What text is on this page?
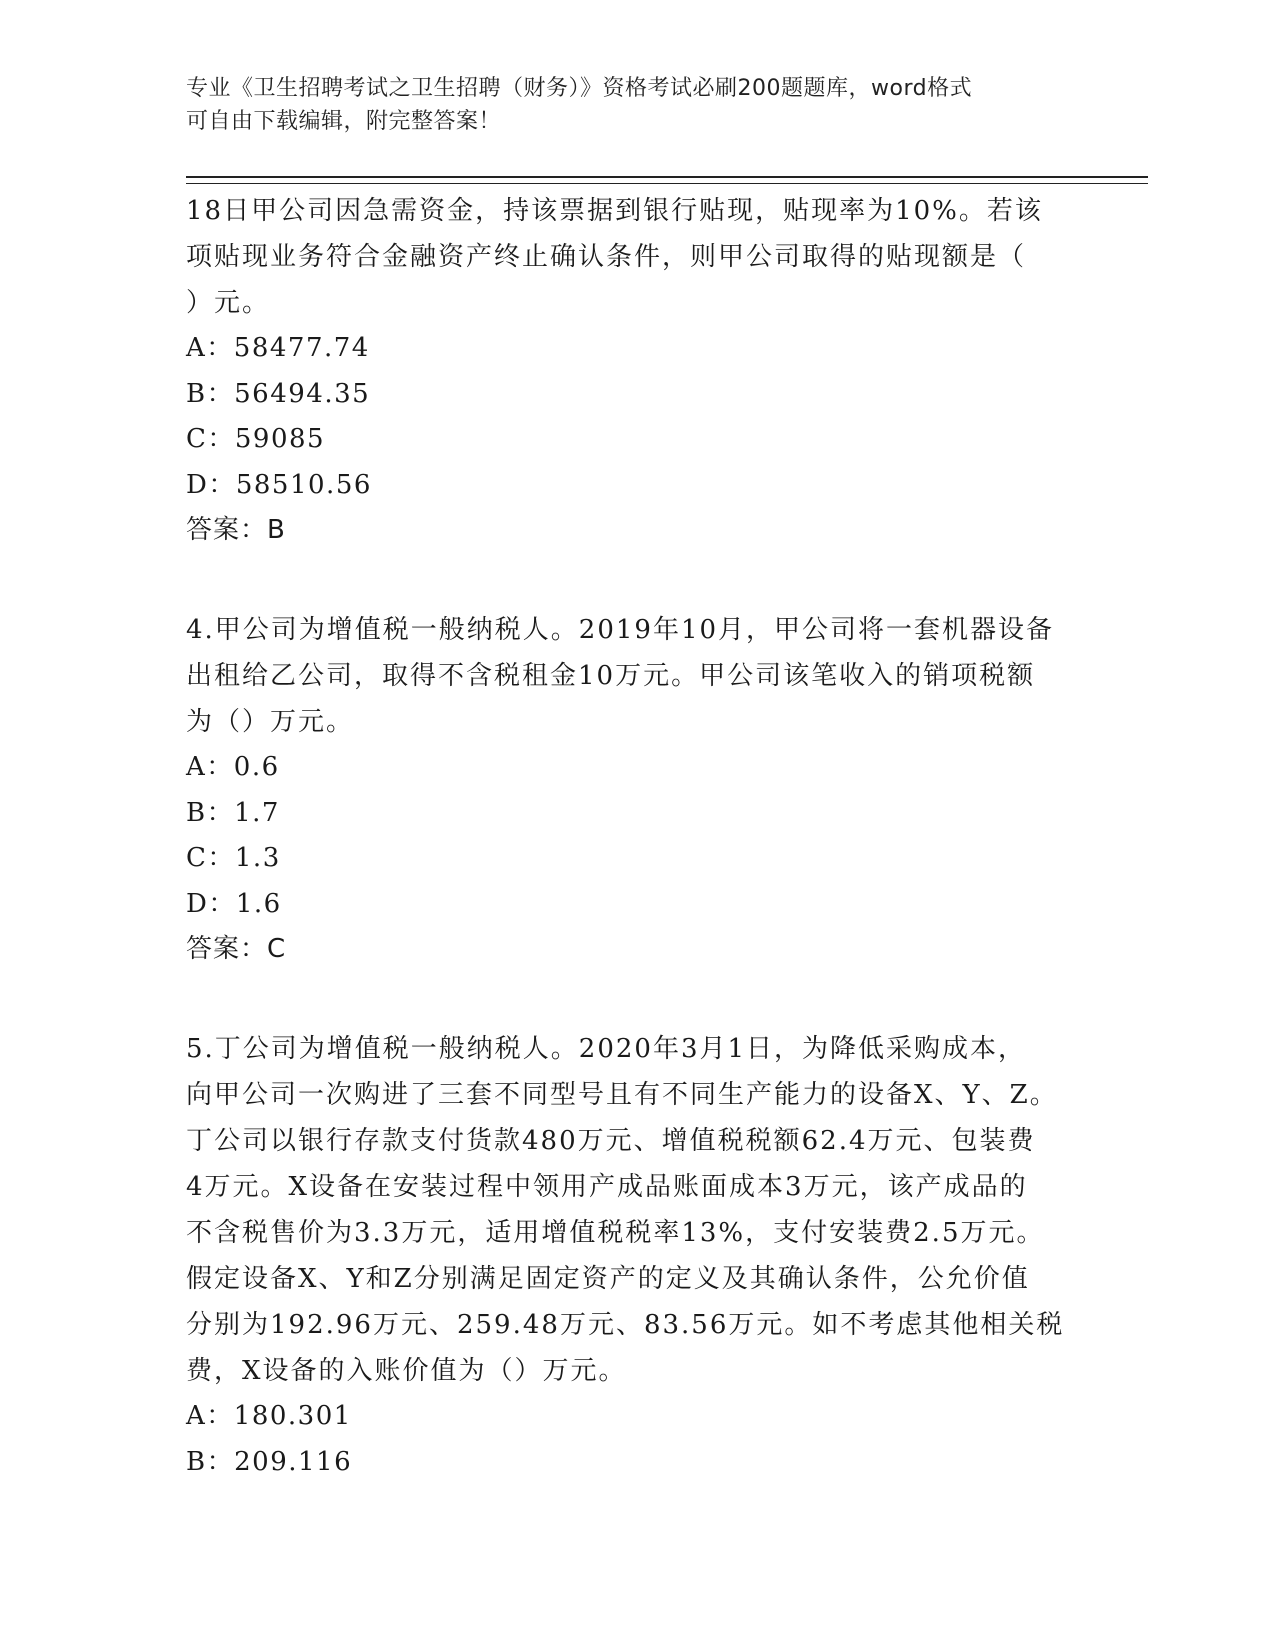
专业《卫生招聘考试之卫生招聘（财务）》资格考试必刷200题题库，word格式
可自由下载编辑，附完整答案！
18日甲公司因急需资金，持该票据到银行贴现，贴现率为10%。若该
项贴现业务符合金融资产终止确认条件，则甲公司取得的贴现额是（
）元。
A：58477.74
B：56494.35
C：59085
D：58510.56
答案：B
4.甲公司为增值税一般纳税人。2019年10月，甲公司将一套机器设备
出租给乙公司，取得不含税租金10万元。甲公司该笔收入的销项税额
为（）万元。
A：0.6
B：1.7
C：1.3
D：1.6
答案：C
5.丁公司为增值税一般纳税人。2020年3月1日，为降低采购成本，
向甲公司一次购进了三套不同型号且有不同生产能力的设备X、Y、Z。
丁公司以银行存款支付货款480万元、增值税税额62.4万元、包装费
4万元。X设备在安装过程中领用产成品账面成本3万元，该产成品的
不含税售价为3.3万元，适用增值税税率13%，支付安装费2.5万元。
假定设备X、Y和Z分别满足固定资产的定义及其确认条件，公允价值
分别为192.96万元、259.48万元、83.56万元。如不考虑其他相关税
费，X设备的入账价值为（）万元。
A：180.301
B：209.116
